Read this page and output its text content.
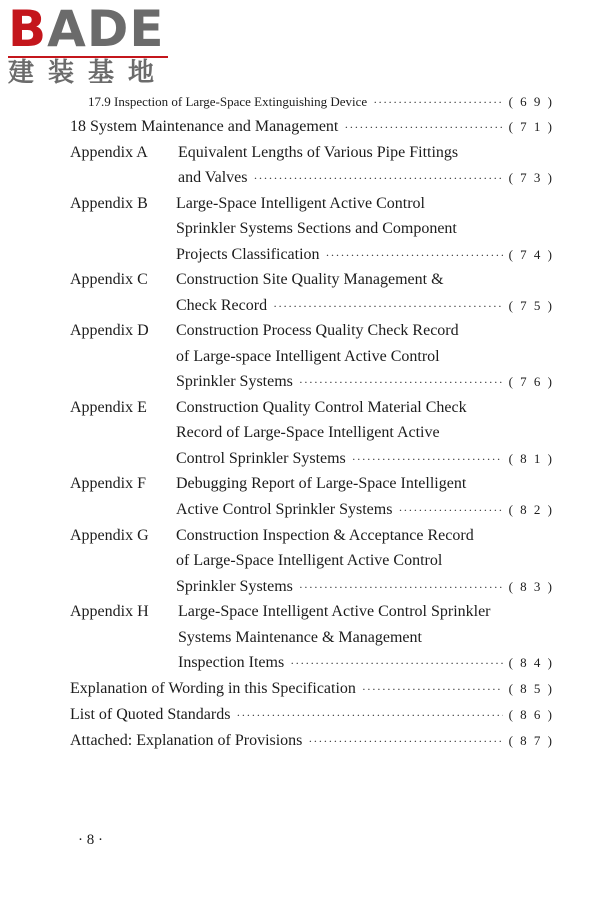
BADE
建装基地
17.9 Inspection of Large-Space Extinguishing Device ·····	( 6 9 )
18 System Maintenance and Management ·····	( 7 1 )
Appendix A Equivalent Lengths of Various Pipe Fittings
and Valves ·····	( 7 3 )
Appendix B Large-Space Intelligent Active Control
Sprinkler Systems Sections and Component
Projects Classification ·····	( 7 4 )
Appendix C Construction Site Quality Management &
Check Record ·····	( 7 5 )
Appendix D Construction Process Quality Check Record
of Large-space Intelligent Active Control
Sprinkler Systems ·····	( 7 6 )
Appendix E Construction Quality Control Material Check
Record of Large-Space Intelligent Active
Control Sprinkler Systems ·····	( 8 1 )
Appendix F Debugging Report of Large-Space Intelligent
Active Control Sprinkler Systems ·····	( 8 2 )
Appendix G Construction Inspection & Acceptance Record
of Large-Space Intelligent Active Control
Sprinkler Systems ·····	( 8 3 )
Appendix H Large-Space Intelligent Active Control Sprinkler
Systems Maintenance & Management
Inspection Items ·····	( 8 4 )
Explanation of Wording in this Specification ·····	( 8 5 )
List of Quoted Standards ·····	( 8 6 )
Attached: Explanation of Provisions ·····	( 8 7 )
· 8 ·
